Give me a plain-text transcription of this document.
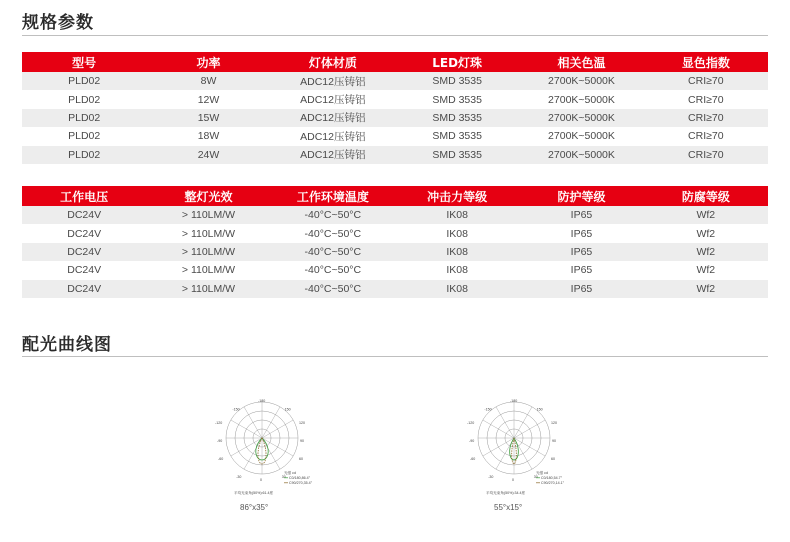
规格参数
型号	功率	灯体材质	LED灯珠	相关色温	显色指数
PLD02	8W	ADC12压铸铝	SMD 3535	2700K~5000K	CRI≥70
PLD02	12W	ADC12压铸铝	SMD 3535	2700K~5000K	CRI≥70
PLD02	15W	ADC12压铸铝	SMD 3535	2700K~5000K	CRI≥70
PLD02	18W	ADC12压铸铝	SMD 3535	2700K~5000K	CRI≥70
PLD02	24W	ADC12压铸铝	SMD 3535	2700K~5000K	CRI≥70
工作电压	整灯光效	工作环境温度	冲击力等级	防护等级	防腐等级
DC24V	> 110LM/W	-40°C~50°C	IK08	IP65	Wf2
DC24V	> 110LM/W	-40°C~50°C	IK08	IP65	Wf2
DC24V	> 110LM/W	-40°C~50°C	IK08	IP65	Wf2
DC24V	> 110LM/W	-40°C~50°C	IK08	IP65	Wf2
DC24V	> 110LM/W	-40°C~50°C	IK08	IP65	Wf2
配光曲线图
-180
-150	150
-120	120
-90	90
-60	60
-30	30
0
光强 cd
C0/180,86.4°
C90/270,35.4°
平均光束角(50%):61.4度
-180
-150	150
-120	120
-90	90
-60	60
-30	30
0
光强 cd
C0/180,54.7°
C90/270,14.1°
平均光束角(50%):34.4度
86°x35°	55°x15°
